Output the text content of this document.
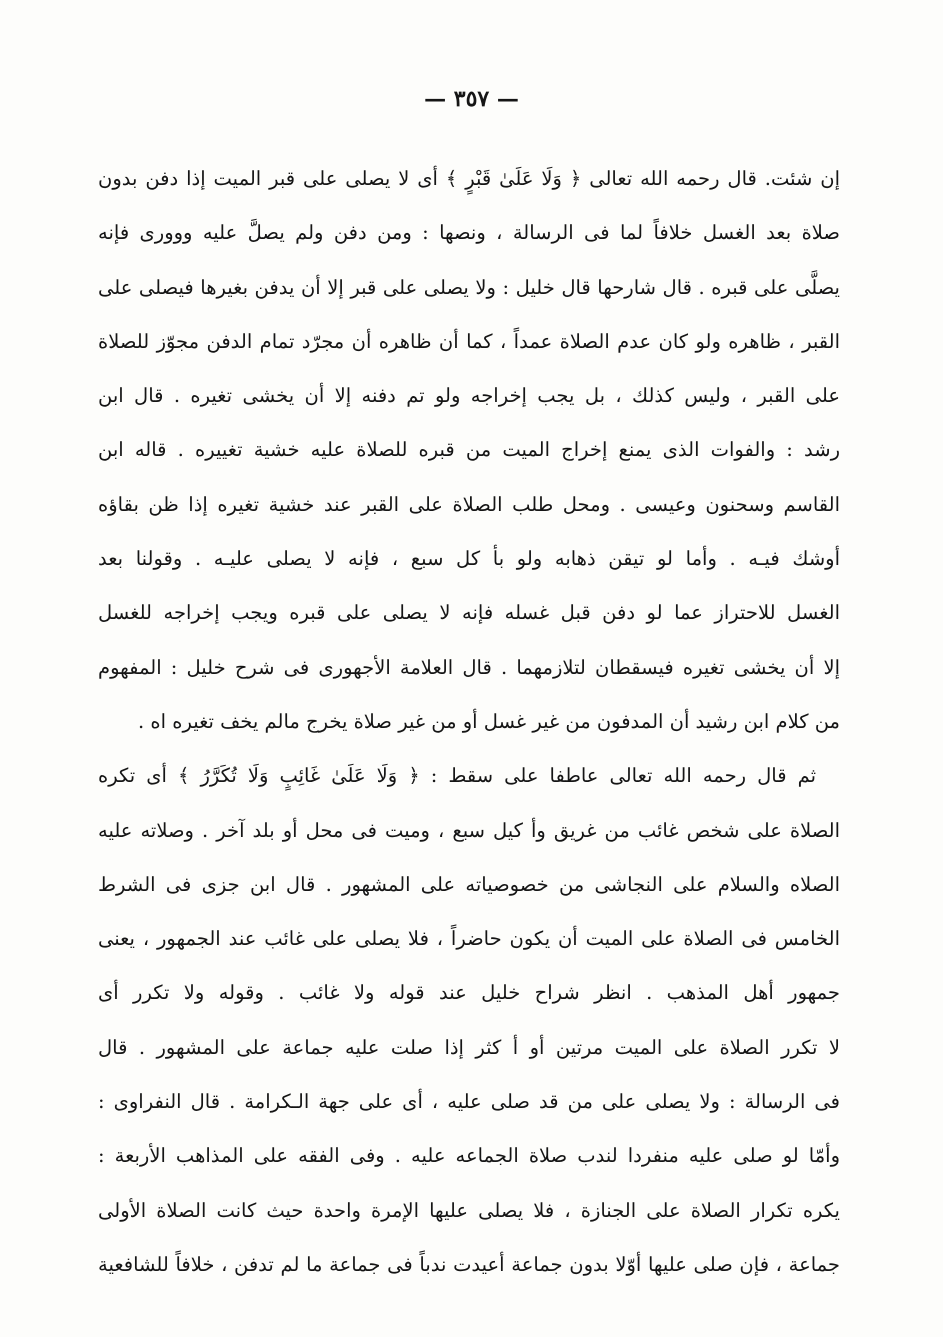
— ٣٥٧ —
إن شئت. قال رحمه الله تعالى ﴿ وَلَا عَلَىٰ قَبْرٍ ﴾ أى لا يصلى على قبر الميت إذا دفن بدون
صلاة بعد الغسل خلافاً لما فى الرسالة ، ونصها : ومن دفن ولم يصلَّ عليه ووورى فإنه
يصلَّى على قبره . قال شارحها قال خليل : ولا يصلى على قبر إلا أن يدفن بغيرها فيصلى على
القبر ، ظاهره ولو كان عدم الصلاة عمداً ، كما أن ظاهره أن مجرّد تمام الدفن مجوّز للصلاة
على القبر ، وليس كذلك ، بل يجب إخراجه ولو تم دفنه إلا أن يخشى تغيره . قال ابن
رشد : والفوات الذى يمنع إخراج الميت من قبره للصلاة عليه خشية تغييره . قاله ابن
القاسم وسحنون وعيسى . ومحل طلب الصلاة على القبر عند خشية تغيره إذا ظن بقاؤه
أوشك فيـه . وأما لو تيقن ذهابه ولو بأ كل سبع ، فإنه لا يصلى عليـه . وقولنا بعد
الغسل للاحتراز عما لو دفن قبل غسله فإنه لا يصلى على قبره ويجب إخراجه للغسل
إلا أن يخشى تغيره فيسقطان لتلازمهما . قال العلامة الأجهورى فى شرح خليل : المفهوم
من كلام ابن رشيد أن المدفون من غير غسل أو من غير صلاة يخرج مالم يخف تغيره اه .
ثم قال رحمه الله تعالى عاطفا على سقط : ﴿ وَلَا عَلَىٰ غَائِبٍ وَلَا تُكَرَّرُ ﴾ أى تكره
الصلاة على شخص غائب من غريق وأ كيل سبع ، وميت فى محل أو بلد آخر . وصلاته عليه
الصلاه والسلام على النجاشى من خصوصياته على المشهور . قال ابن جزى فى الشرط
الخامس فى الصلاة على الميت أن يكون حاضراً ، فلا يصلى على غائب عند الجمهور ، يعنى
جمهور أهل المذهب . انظر شراح خليل عند قوله ولا غائب . وقوله ولا تكرر أى
لا تكرر الصلاة على الميت مرتين أو أ كثر إذا صلت عليه جماعة على المشهور . قال
فى الرسالة : ولا يصلى على من قد صلى عليه ، أى على جهة الـكرامة . قال النفراوى :
وأمّا لو صلى عليه منفردا لندب صلاة الجماعه عليه . وفى الفقه على المذاهب الأربعة :
يكره تكرار الصلاة على الجنازة ، فلا يصلى عليها الإمرة واحدة حيث كانت الصلاة الأولى
جماعة ، فإن صلى عليها أوّلا بدون جماعة أعيدت ندباً فى جماعة ما لم تدفن ، خلافاً للشافعية
